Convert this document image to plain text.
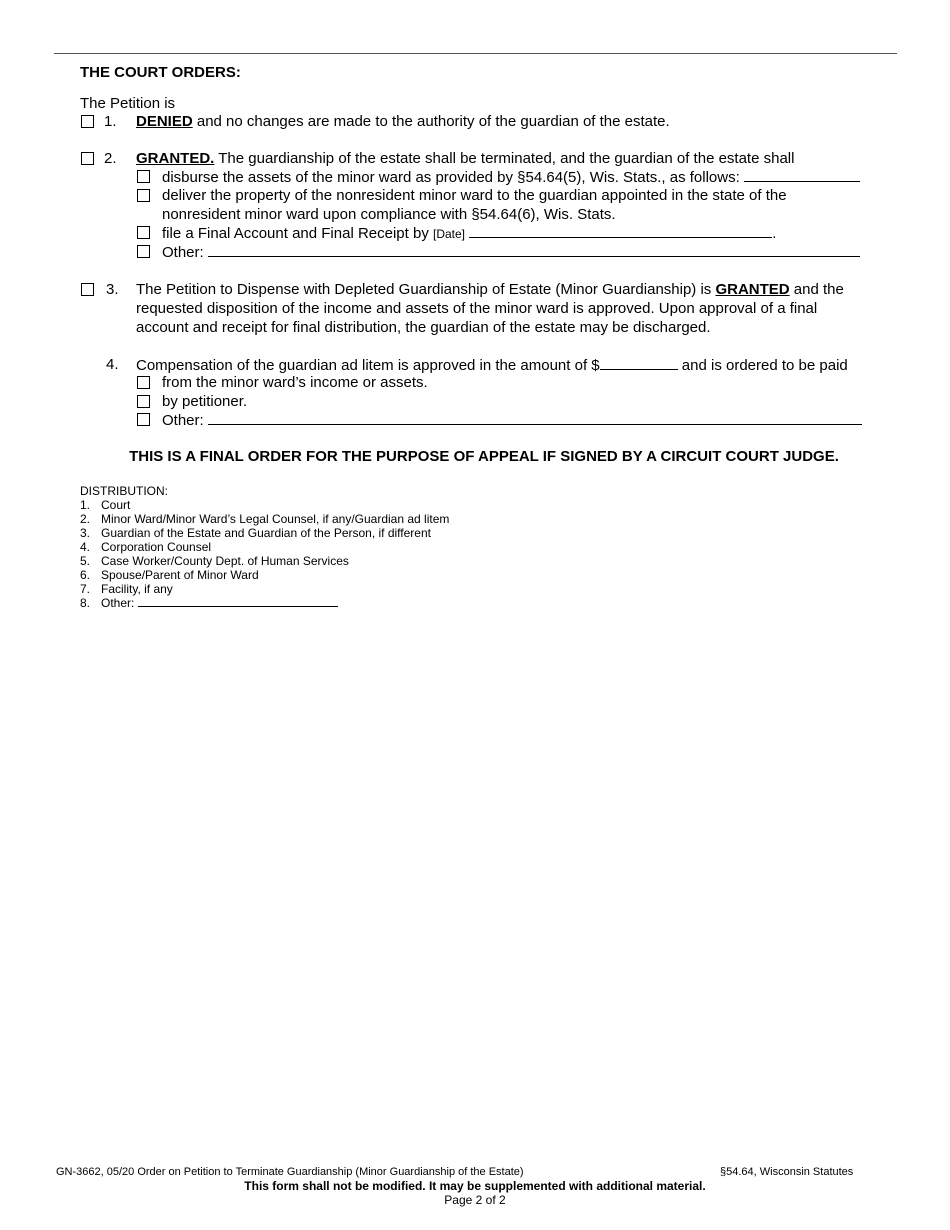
THE COURT ORDERS:
The Petition is
1. DENIED and no changes are made to the authority of the guardian of the estate.
2. GRANTED. The guardianship of the estate shall be terminated, and the guardian of the estate shall
disburse the assets of the minor ward as provided by §54.64(5), Wis. Stats., as follows:
deliver the property of the nonresident minor ward to the guardian appointed in the state of the
nonresident minor ward upon compliance with §54.64(6), Wis. Stats.
file a Final Account and Final Receipt by [Date]	.
Other:
3. The Petition to Dispense with Depleted Guardianship of Estate (Minor Guardianship) is GRANTED and the
requested disposition of the income and assets of the minor ward is approved. Upon approval of a final
account and receipt for final distribution, the guardian of the estate may be discharged.
4. Compensation of the guardian ad litem is approved in the amount of $	and is ordered to be paid
from the minor ward’s income or assets.
by petitioner.
Other:
THIS IS A FINAL ORDER FOR THE PURPOSE OF APPEAL IF SIGNED BY A CIRCUIT COURT JUDGE.
DISTRIBUTION:
1. Court
2. Minor Ward/Minor Ward’s Legal Counsel, if any/Guardian ad litem
3. Guardian of the Estate and Guardian of the Person, if different
4. Corporation Counsel
5. Case Worker/County Dept. of Human Services
6. Spouse/Parent of Minor Ward
7. Facility, if any
8. Other:
GN-3662, 05/20 Order on Petition to Terminate Guardianship (Minor Guardianship of the Estate)	§54.64, Wisconsin Statutes
This form shall not be modified. It may be supplemented with additional material.
Page 2 of 2
